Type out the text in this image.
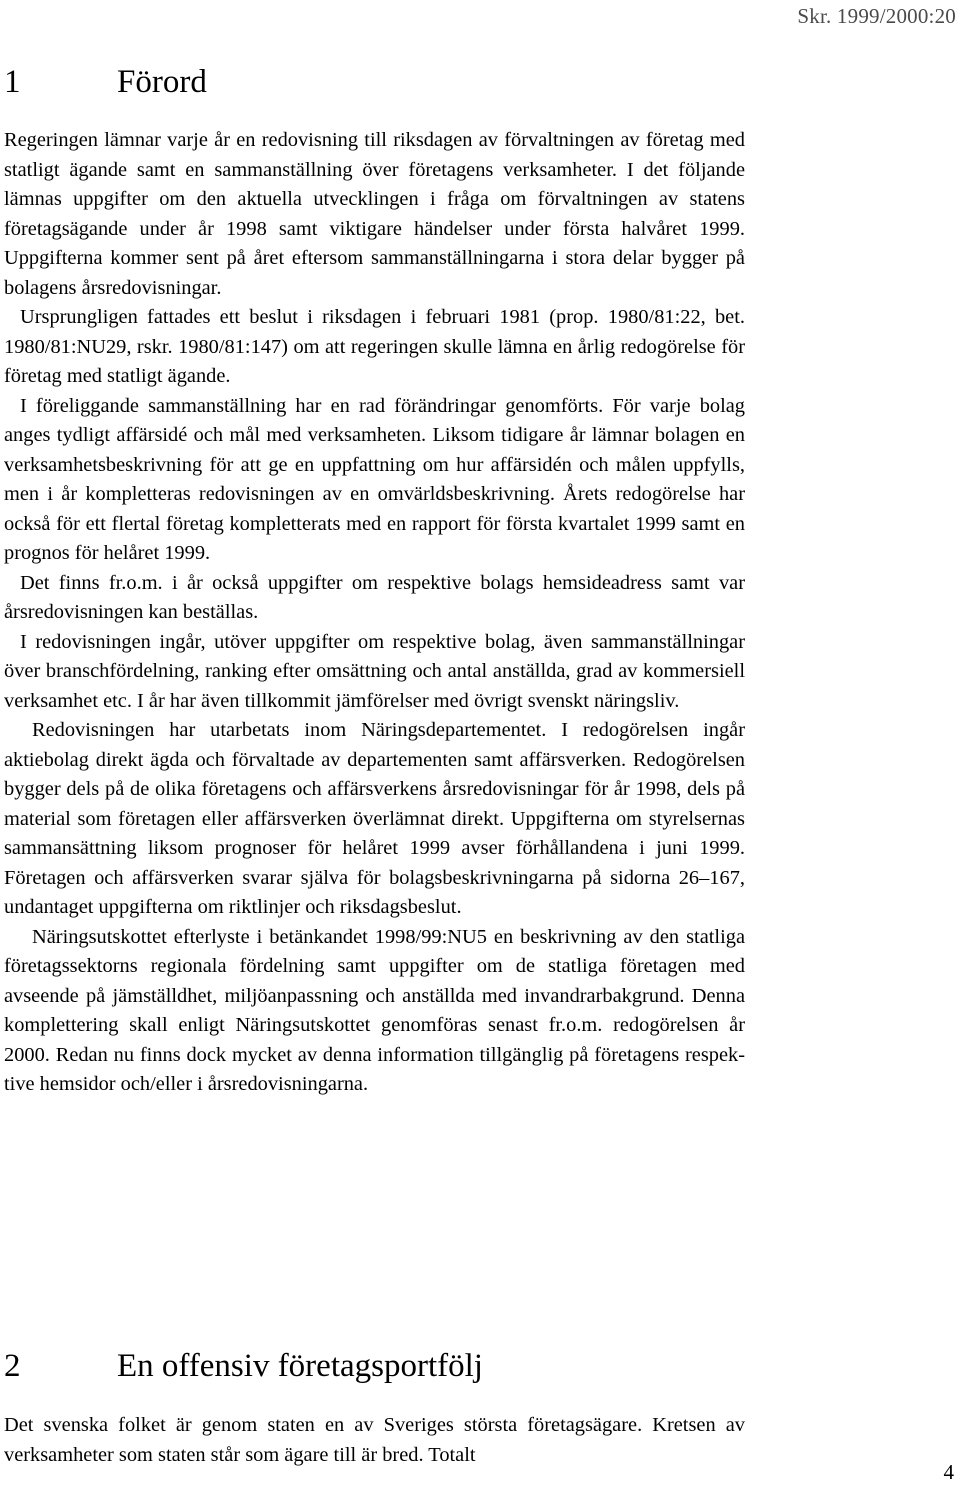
Skr. 1999/2000:20
1	Förord

Regeringen lämnar varje år en redovisning till riksdagen av förvaltningen av företag med statligt ägande samt en sammanställning över företagens verksamheter. I det följande lämnas uppgifter om den aktuella utvecklingen i fråga om förvaltningen av statens företagsägande under år 1998 samt viktigare händelser under första halvåret 1999. Uppgifterna kommer sent på året eftersom sammanställningarna i stora delar bygger på bolagens årsredovisningar.

Ursprungligen fattades ett beslut i riksdagen i februari 1981 (prop. 1980/81:22, bet. 1980/81:NU29, rskr. 1980/81:147) om att regeringen skulle lämna en årlig redogörelse för företag med statligt ägande.

I föreliggande sammanställning har en rad förändringar genomförts. För varje bolag anges tydligt affärsidé och mål med verksamheten. Liksom tidigare år lämnar bolagen en verksamhetsbeskrivning för att ge en uppfattning om hur affärsidén och målen uppfylls, men i år kompletteras redovisningen av en omvärldsbeskrivning. Årets redogörelse har också för ett flertal företag kompletterats med en rapport för första kvartalet 1999 samt en prognos för helåret 1999.

Det finns fr.o.m. i år också uppgifter om respektive bolags hemsideadress samt var årsredovisningen kan beställas.

I redovisningen ingår, utöver uppgifter om respektive bolag, även sammanställningar över branschfördelning, ranking efter omsättning och antal anställda, grad av kommersiell verksamhet etc. I år har även tillkommit jämförelser med övrigt svenskt näringsliv.

Redovisningen har utarbetats inom Näringsdepartementet. I redogörelsen ingår aktiebolag direkt ägda och förvaltade av departementen samt affärsverken. Redogörelsen bygger dels på de olika företagens och affärsverkens årsredovisningar för år 1998, dels på material som företagen eller affärsverken överlämnat direkt. Uppgifterna om styrelsernas sammansättning liksom prognoser för helåret 1999 avser förhållandena i juni 1999. Företagen och affärsverken svarar själva för bolagsbeskrivningarna på sidorna 26–167, undantaget uppgifterna om riktlinjer och riksdagsbeslut.

Näringsutskottet efterlyste i betänkandet 1998/99:NU5 en beskrivning av den statliga företagssektorns regionala fördelning samt uppgifter om de statliga företagen med avseende på jämställdhet, miljöanpassning och anställda med invandrarbakgrund. Denna komplettering skall enligt Näringsutskottet genomföras senast fr.o.m. redogörelsen år 2000. Redan nu finns dock mycket av denna information tillgänglig på företagens respektive hemsidor och/eller i årsredovisningarna.

2	En offensiv företagsportfölj

Det svenska folket är genom staten en av Sveriges största företagsägare. Kretsen av verksamheter som staten står som ägare till är bred. Totalt

4
